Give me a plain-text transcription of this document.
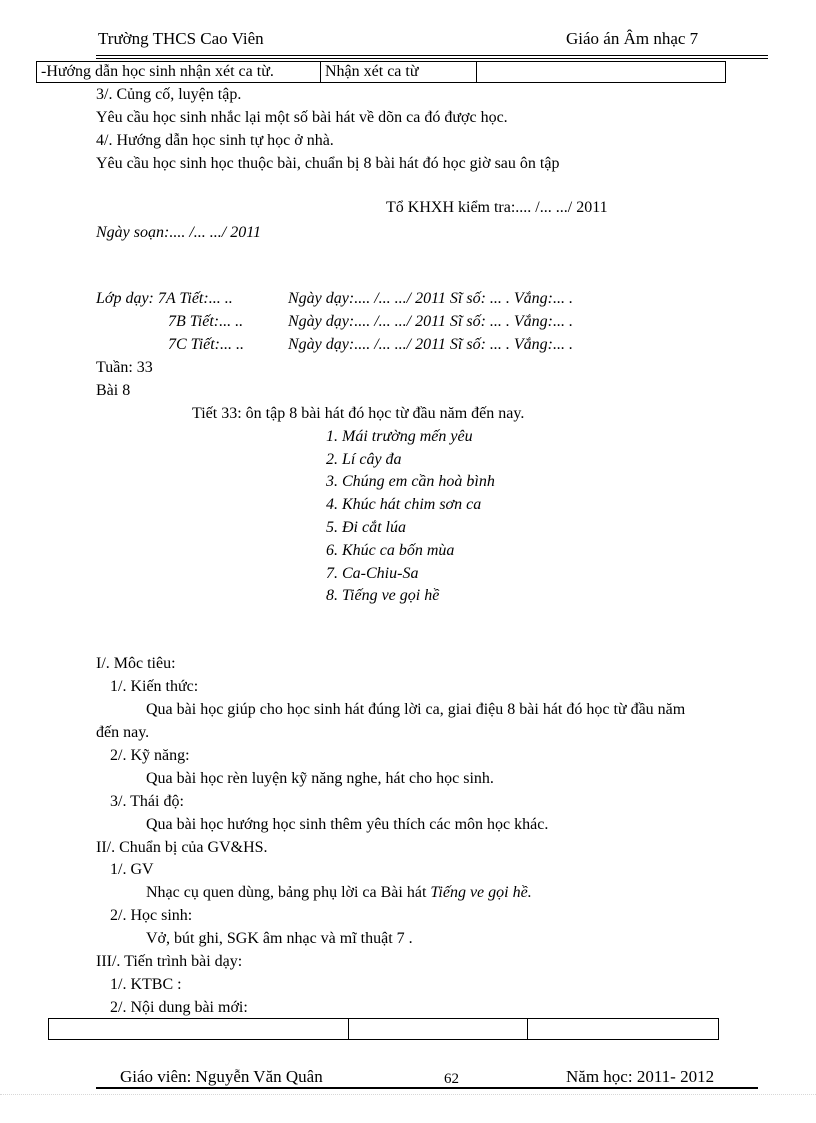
Trường THCS Cao Viên	Giáo án Âm nhạc 7
-Hướng dẫn học sinh nhận xét ca từ.	Nhận xét ca từ	
3/. Củng cố, luyện tập.
Yêu cầu học sinh nhắc lại một số bài hát về dõn ca đó được học.
4/. Hướng dẫn học sinh tự học ở nhà.
Yêu cầu học sinh học thuộc bài, chuẩn bị 8 bài hát đó học giờ sau ôn tập
Tổ KHXH kiểm tra:.... /... .../ 2011
Ngày soạn:.... /... .../ 2011
Lớp dạy: 7A Tiết:... ..	Ngày dạy:.... /... .../ 2011 Sĩ số: ... . Vắng:... .
7B Tiết:... ..	Ngày dạy:.... /... .../ 2011 Sĩ số: ... . Vắng:... .
7C Tiết:... ..	Ngày dạy:.... /... .../ 2011 Sĩ số: ... . Vắng:... .
Tuần: 33
Bài 8
Tiết 33: ôn tập 8 bài hát đó học từ đầu năm đến nay.
1. Mái trường mến yêu
2. Lí cây đa
3. Chúng em cần hoà bình
4. Khúc hát chim sơn ca
5. Đi cắt lúa
6. Khúc ca bốn mùa
7. Ca-Chiu-Sa
8. Tiếng ve gọi hề
I/. Môc tiêu:
1/. Kiến thức:
Qua bài học giúp cho học sinh hát đúng lời ca, giai điệu 8 bài hát đó học từ đầu năm
đến nay.
2/. Kỹ năng:
Qua bài học rèn luyện kỹ năng nghe, hát cho học sinh.
3/. Thái độ:
Qua bài học hướng học sinh thêm yêu thích các môn học khác.
II/. Chuẩn bị của GV&HS.
1/. GV
Nhạc cụ quen dùng, bảng phụ lời ca Bài hát Tiếng ve gọi hề.
2/. Học sinh:
Vở, bút ghi, SGK âm nhạc và mĩ thuật 7 .
III/. Tiến trình bài dạy:
1/. KTBC :
2/. Nội dung bài mới:

Giáo viên: Nguyễn Văn Quân	62	Năm học: 2011- 2012
